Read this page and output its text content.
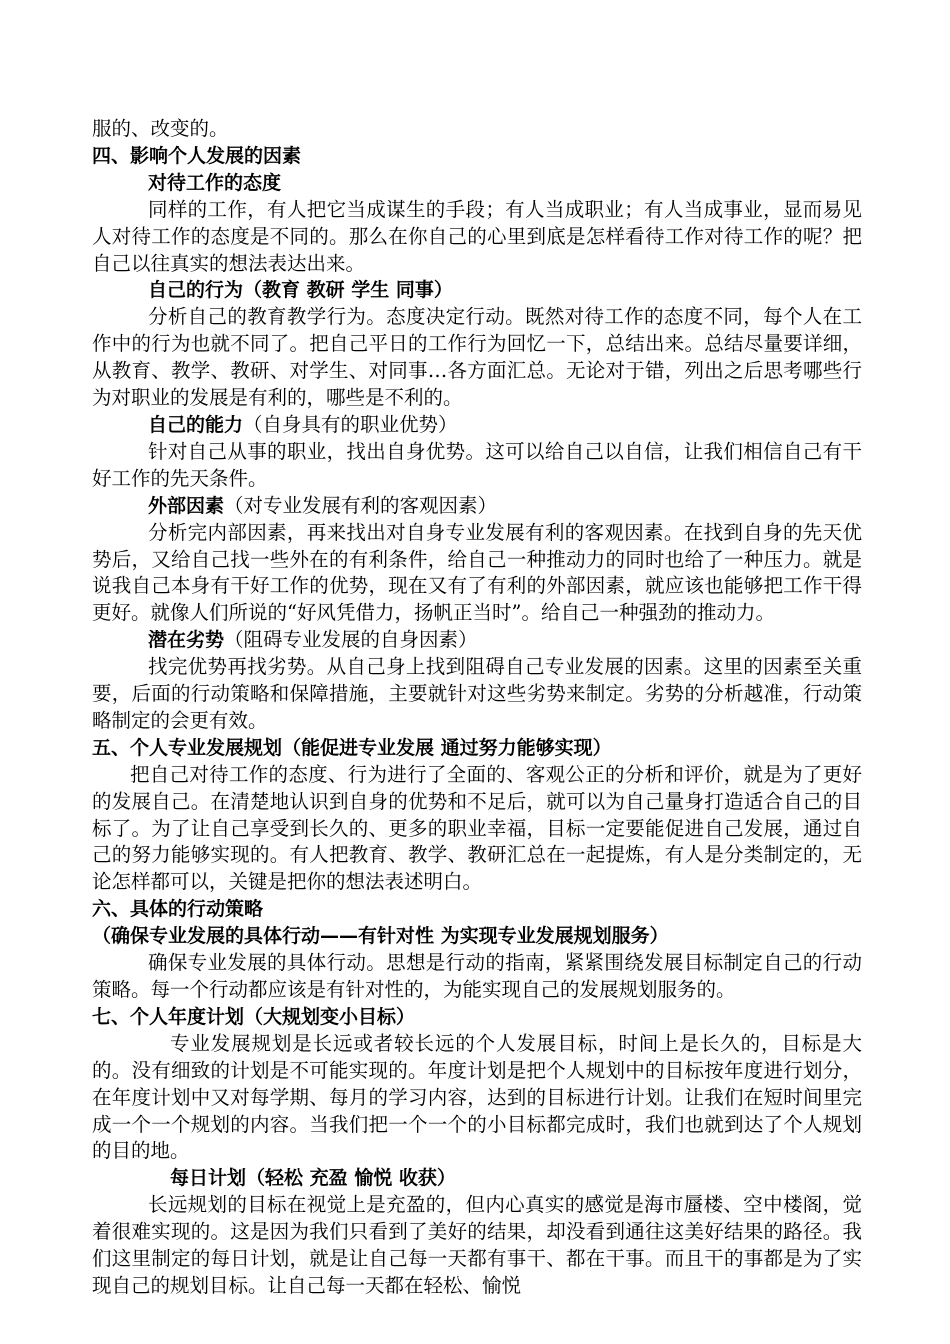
服的、改变的。

四、影响个人发展的因素

对待工作的态度

同样的工作，有人把它当成谋生的手段；有人当成职业；有人当成事业，显而易见人对待工作的态度是不同的。那么在你自己的心里到底是怎样看待工作对待工作的呢？把自己以往真实的想法表达出来。

自己的行为（教育 教研 学生 同事）

分析自己的教育教学行为。态度决定行动。既然对待工作的态度不同，每个人在工作中的行为也就不同了。把自己平日的工作行为回忆一下，总结出来。总结尽量要详细，从教育、教学、教研、对学生、对同事…各方面汇总。无论对于错，列出之后思考哪些行为对职业的发展是有利的，哪些是不利的。

自己的能力（自身具有的职业优势）

针对自己从事的职业，找出自身优势。这可以给自己以自信，让我们相信自己有干好工作的先天条件。

外部因素（对专业发展有利的客观因素）

分析完内部因素，再来找出对自身专业发展有利的客观因素。在找到自身的先天优势后，又给自己找一些外在的有利条件，给自己一种推动力的同时也给了一种压力。就是说我自己本身有干好工作的优势，现在又有了有利的外部因素，就应该也能够把工作干得更好。就像人们所说的“好风凭借力，扬帆正当时”。给自己一种强劲的推动力。

潜在劣势（阻碍专业发展的自身因素）

找完优势再找劣势。从自己身上找到阻碍自己专业发展的因素。这里的因素至关重要，后面的行动策略和保障措施，主要就针对这些劣势来制定。劣势的分析越准，行动策略制定的会更有效。

五、个人专业发展规划（能促进专业发展 通过努力能够实现）

把自己对待工作的态度、行为进行了全面的、客观公正的分析和评价，就是为了更好的发展自己。在清楚地认识到自身的优势和不足后，就可以为自己量身打造适合自己的目标了。为了让自己享受到长久的、更多的职业幸福，目标一定要能促进自己发展，通过自己的努力能够实现的。有人把教育、教学、教研汇总在一起提炼，有人是分类制定的，无论怎样都可以，关键是把你的想法表述明白。

六、具体的行动策略

（确保专业发展的具体行动——有针对性 为实现专业发展规划服务）

确保专业发展的具体行动。思想是行动的指南，紧紧围绕发展目标制定自己的行动策略。每一个行动都应该是有针对性的，为能实现自己的发展规划服务的。

七、个人年度计划（大规划变小目标）

专业发展规划是长远或者较长远的个人发展目标，时间上是长久的，目标是大的。没有细致的计划是不可能实现的。年度计划是把个人规划中的目标按年度进行划分，在年度计划中又对每学期、每月的学习内容，达到的目标进行计划。让我们在短时间里完成一个一个规划的内容。当我们把一个一个的小目标都完成时，我们也就到达了个人规划的目的地。

每日计划（轻松 充盈 愉悦 收获）

长远规划的目标在视觉上是充盈的，但内心真实的感觉是海市蜃楼、空中楼阁，觉着很难实现的。这是因为我们只看到了美好的结果，却没看到通往这美好结果的路径。我们这里制定的每日计划，就是让自己每一天都有事干、都在干事。而且干的事都是为了实现自己的规划目标。让自己每一天都在轻松、愉悦
